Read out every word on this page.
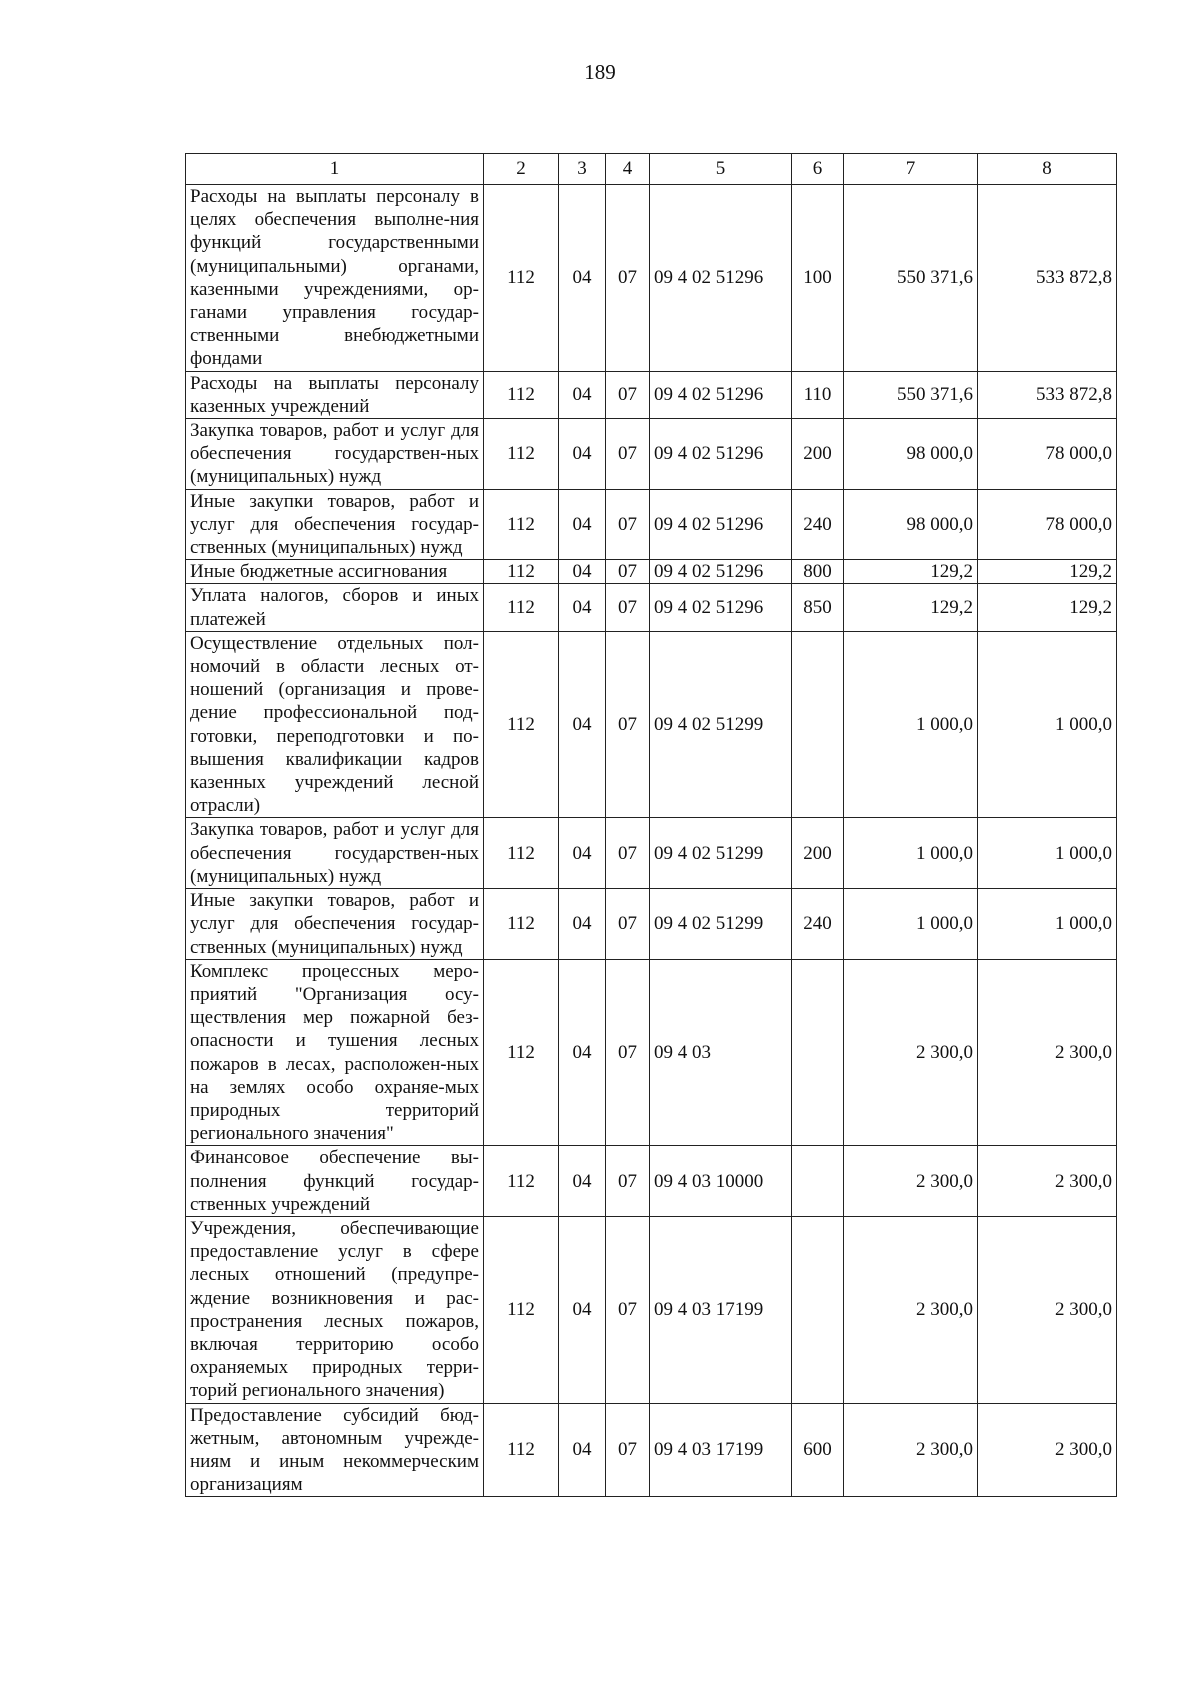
189
1	2	3	4	5	6	7	8
Расходы на выплаты персоналу в целях обеспечения выполне-ния функций государственными (муниципальными) органами, казенными учреждениями, ор-ганами управления государ-ственными внебюджетными фондами	112	04	07	09 4 02 51296	100	550 371,6	533 872,8
Расходы на выплаты персоналу казенных учреждений	112	04	07	09 4 02 51296	110	550 371,6	533 872,8
Закупка товаров, работ и услуг для обеспечения государствен-ных (муниципальных) нужд	112	04	07	09 4 02 51296	200	98 000,0	78 000,0
Иные закупки товаров, работ и услуг для обеспечения государ-ственных (муниципальных) нужд	112	04	07	09 4 02 51296	240	98 000,0	78 000,0
Иные бюджетные ассигнования	112	04	07	09 4 02 51296	800	129,2	129,2
Уплата налогов, сборов и иных платежей	112	04	07	09 4 02 51296	850	129,2	129,2
Осуществление отдельных пол-номочий в области лесных от-ношений (организация и прове-дение профессиональной под-готовки, переподготовки и по-вышения квалификации кадров казенных учреждений лесной отрасли)	112	04	07	09 4 02 51299		1 000,0	1 000,0
Закупка товаров, работ и услуг для обеспечения государствен-ных (муниципальных) нужд	112	04	07	09 4 02 51299	200	1 000,0	1 000,0
Иные закупки товаров, работ и услуг для обеспечения государ-ственных (муниципальных) нужд	112	04	07	09 4 02 51299	240	1 000,0	1 000,0
Комплекс процессных меро-приятий "Организация осу-ществления мер пожарной без-опасности и тушения лесных пожаров в лесах, расположен-ных на землях особо охраняе-мых природных территорий регионального значения"	112	04	07	09 4 03		2 300,0	2 300,0
Финансовое обеспечение вы-полнения функций государ-ственных учреждений	112	04	07	09 4 03 10000		2 300,0	2 300,0
Учреждения, обеспечивающие предоставление услуг в сфере лесных отношений (предупре-ждение возникновения и рас-пространения лесных пожаров, включая территорию особо охраняемых природных терри-торий регионального значения)	112	04	07	09 4 03 17199		2 300,0	2 300,0
Предоставление субсидий бюд-жетным, автономным учрежде-ниям и иным некоммерческим организациям	112	04	07	09 4 03 17199	600	2 300,0	2 300,0
